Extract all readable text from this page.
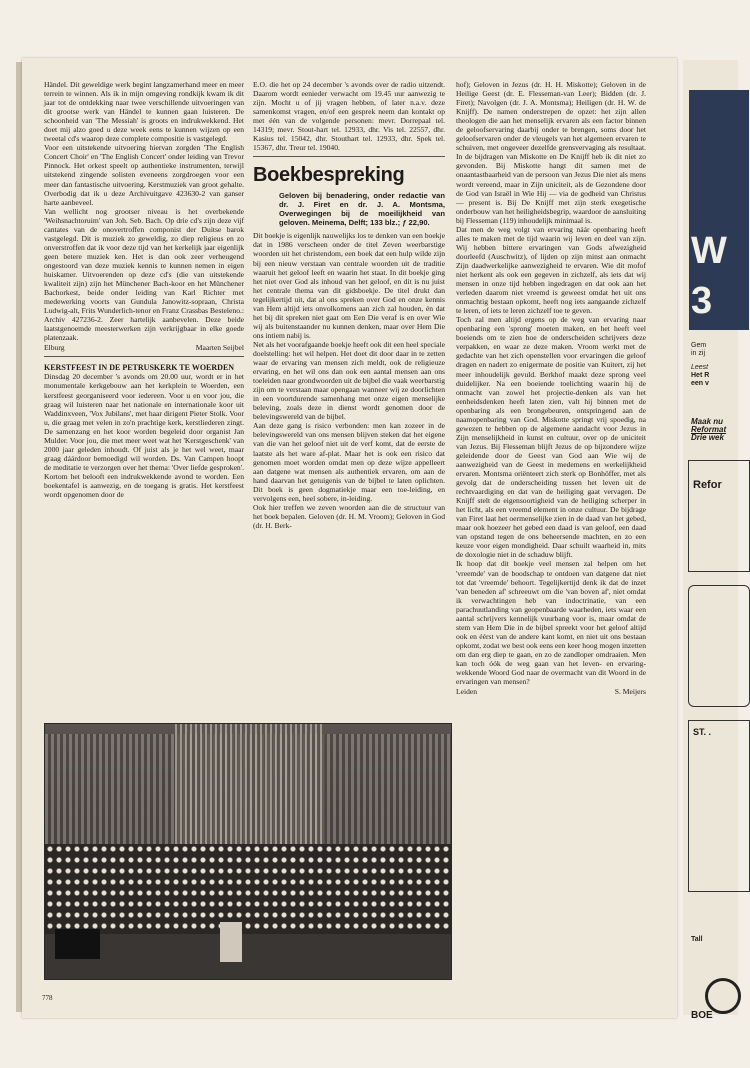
Händel. Dit geweldige werk begint langzamerhand meer en meer terrein te winnen. Als ik in mijn omgeving rondkijk kwam ik dit jaar tot de ontdekking naar twee verschillende uitvoeringen van dit grootse werk van Händel te kunnen gaan luisteren. De schoonheid van 'The Messiah' is groots en indrukwekkend. Het doet mij alzo goed u deze week eens te kunnen wijzen op een tweetal cd's waarop deze complete compositie is vastgelegd.

Voor een uitstekende uitvoering hiervan zorgden 'The English Concert Choir' en 'The English Concert' onder leiding van Trevor Pinnock. Het orkest speelt op authentieke instrumenten, terwijl uitstekend zingende solisten eveneens zorgdroegen voor een meer dan fantastische uitvoering. Kerstmuziek van groot gehalte. Overbodig dat ik u deze Archivuitgave 423630-2 van ganser harte aanbeveel.

Van wellicht nog grootser niveau is het overbekende 'Weihsnachtoruim' van Joh. Seb. Bach. Op drie cd's zijn deze vijf cantates van de onovertroffen componist der Duitse barok vastgelegd. Dit is muziek zo geweldig, zo diep religieus en zo onverstroffen dat ik voor deze tijd van het kerkelijk jaar eigenlijk geen betere muziek ken. Het is dan ook zeer verheugend ongestoord van deze muziek kennis te kunnen nemen in eigen huiskamer. Uitvoerenden op deze cd's (die van uitstekende kwaliteit zijn) zijn het Münchener Bach-koor en het Münchener Bachorkest, beide onder leiding van Karl Richter met medewerking voorts van Gundula Janowitz-sopraan, Christa Ludwig-alt, Frits Wunderlich-tenor en Franz Crassbas Besteleno.: Archiv 427236-2. Zeer hartelijk aanbevelen. Deze beide laatstgenoemde meesterwerken zijn verkrijgbaar in elke goede platenzaak.

Elburg	Maarten Seijbel
KERSTFEEST IN DE PETRUSKERK TE WOERDEN

Dinsdag 20 december 's avonds om 20.00 uur, wordt er in het monumentale kerkgebouw aan het kerkplein te Woerden, een kerstfeest georganiseerd voor iedereen. Voor u en voor jou, die graag wil luisteren naar het nationale en internationale koor uit Waddinxveen, 'Vox Jubilans', met haar dirigent Pieter Stolk. Voor u, die graag met velen in zo'n prachtige kerk, kerstliederen zingt. De samenzang en het koor worden begeleid door organist Jan Mulder. Voor jou, die met meer weet wat het 'Kerstgeschenk' van 2000 jaar geleden inhoudt. Of juist als je het wel weet, maar graag dáárdoor bemoedigd wil worden. Ds. Van Campen hoopt de meditatie te verzorgen over het thema: 'Over liefde gesproken'. Kortom het belooft een indrukwekkende avond te worden. Een boekentafel is aanwezig, en de toegang is gratis. Het kerstfeest wordt opgenomen door de

E.O. die het op 24 december 's avonds over de radio uitzendt. Daarom wordt eenieder verwacht om 19.45 uur aanwezig te zijn. Mocht u of jij vragen hebben, of later n.a.v. deze samenkomst vragen, en/of een gesprek neem dan kontakt op met één van de volgende personen: mevr. Dorrepaal tel. 14319; mevr. Stout-hart tel. 12933, dhr. Vis tel. 22557, dhr. Kasius tel. 15042, dhr. Stouthart tel. 12933, dhr. Spek tel. 15367, dhr. Treur tel. 19040.

Boekbespreking
Geloven bij benadering, onder redactie van dr. J. Firet en dr. J. A. Montsma, Overwegingen bij de moeilijkheid van geloven. Meinema, Delft; 133 blz.; ƒ 22,90.

Dit boekje is eigenlijk nauwelijks los te denken van een boekje dat in 1986 verscheen onder de titel Zeven weerbarstige woorden uit het christendom, een boek dat een hulp wilde zijn bij een nieuw verstaan van centrale woorden uit de traditie waaruit het geloof leeft en waarin het staat. In dit boekje ging het niet over God als inhoud van het geloof, en dit is nu juist het centrale thema van dit gidsboekje. De titel drukt dan tegelijkertijd uit, dat al ons spreken over God en onze kennis van Hem altijd iets onvolkomens aan zich zal houden, én dat het bij dit spreken niet gaat om Een Die veraf is en over Wie wij als buitenstaander nu kunnen denken, maar over Hem Die ons intiem nabij is.

Net als het voorafgaande boekje heeft ook dit een heel speciale doelstelling: het wil helpen. Het doet dit door daar in te zetten waar de ervaring van mensen zich meldt, ook de religieuze ervaring, en het wil ons dan ook een aantal mensen aan ons toeleiden naar grondwoorden uit de bijbel die vaak weerbarstig zijn om te verstaan maar opengaan wanneer wij ze doorlichten in een voortdurende samenhang met onze eigen menselijke beleving, zoals deze in dienst wordt genomen door de belevingswereld van de bijbel.

Aan deze gang is risico verbonden: men kan zozeer in de belevingswereld van ons mensen blijven steken dat het eigene van die van het geloof niet uit de verf komt, dat de eerste de laatste als het ware af-plat. Maar het is ook een risico dat genomen moet worden omdat men op deze wijze appelleert aan datgene wat mensen als authentiek ervaren, om aan de hand daarvan het getuigenis van de bijbel te laten oplichten. Dit boek is geen dogmatiekje maar een toe-leiding, en vervolgens een, heel sobere, in-leiding.

Ook hier treffen we zeven woorden aan die de structuur van het boek bepalen. Geloven (dr. H. M. Vroom); Geloven in God (dr. H. Berk-

hof); Geloven in Jezus (dr. H. H. Miskotte); Geloven in de Heilige Geest (dr. E. Flesseman-van Leer); Bidden (dr. J. Firet); Navolgen (dr. J. A. Montsma); Heiligen (dr. H. W. de Knijff). De namen onderstrepen de opzet: het zijn allen theologen die aan het menselijk ervaren als een factor binnen de geloofservaring daarbij onder te brengen, soms door het geloofservaren onder de vleugels van het algemeen ervaren te schuiven, met ongeveer dezelfde grensvervaging als resultaat. In de bijdragen van Miskotte en De Knijff heb ik dit niet zo gevonden. Bij Miskotte hangt dit samen met de onaantastbaarheid van de persoon van Jezus Die niet als mens wordt vereend, maar in Zijn uniciteit, als de Gezondene door de God van Israël in Wie Hij — via de godheid van Christus — present is. Bij De Knijff met zijn sterk exegetische onderbouw van het heiligheidsbegrip, waardoor de aansluiting bij Flesseman (119) inhoudelijk minimaal is.

Dat men de weg volgt van ervaring náár openbaring heeft alles te maken met de tijd waarin wij leven en deel van zijn. Wij hebben bittere ervaringen van Gods afwezigheid doorleefd (Auschwitz), of lijden op zijn minst aan onmacht Zijn daadwerkelijke aanwezigheid te ervaren. Wie dit mofof niet herkent als ook een gegeven in zichzelf, als iets dat wij mensen in onze tijd hebben ingedragen en dat ook aan het verleden daarom niet vreemd is geweest omdat het uit ons onmachtig bestaan opkomt, heeft nog iets aangaande zichzelf te leren, of iets te leren zichzelf toe te geven.

Toch zal men altijd ergens op de weg van ervaring naar openbaring een 'sprong' moeten maken, en het heeft veel boeiends om te zien hoe de onderscheiden schrijvers deze verpakken, en waar ze deze maken. Vroom werkt met de gedachte van het zich openstellen voor ervaringen die geloof dragen en nadert zo enigermate de positie van Kuitert, zij het meer inhoudelijk gevuld. Berkhof maakt deze sprong veel duidelijker. Na een boeiende toelichting waarin hij de onmacht van zowel het projectie-denken als van het eenheidsdenken heeft laten zien, valt hij binnen met de openbaring als een brongebeuren, ontspringend aan de naamopenbaring van God. Miskotte springt vrij spoedig, na gewezen te hebben op de algemene aandacht voor Jezus in Zijn menselijkheid in kunst en cultuur, over op de uniciteit van Jezus. Bij Flesseman blijft Jezus de op bijzondere wijze geleidende door de Geest van God aan Wie wij de aanwezigheid van de Geest in medemens en werkelijkheid ervaren. Montsma oriënteert zich sterk op Bonhöffer, met als gevolg dat de onderscheiding tussen het leven uit de rechtvaardiging en dat van de heiliging gaat vervagen. De Knijff stelt de eigensoortigheid van de heiliging scherper in het licht, als een vreemd element in onze cultuur. De bijdrage van Firet laat het oermenselijke zien in de daad van het gebed, maar ook hoezeer het gebed een daad is van geloof, een daad van opstand tegen de ons beheersende machten, en zo een keuze voor eigen mondigheid. Daar schuilt waarheid in, mits de doxologie niet in de schaduw blijft.

Ik hoop dat dit boekje veel mensen zal helpen om het 'vreemde' van de boodschap te ontdoen van datgene dat niet tot dat 'vreemde' behoort. Tegelijkertijd denk ik dat de inzet 'van beneden af' schreeuwt om die 'van boven af', niet omdat ik verwachtingen heb van indoctrinatie, van een parachuutlanding van geopenbaarde waarheden, iets waar een aantal schrijvers kennelijk vuurbang voor is, maar omdat de stem van Hem Die in de bijbel spreekt voor het geloof altijd ook en éérst van de andere kant komt, en niet uit ons bestaan opkomt, zodat we best ook eens een keer hoog mogen inzetten om dan erg diep te gaan, en zo de zandloper omdraaien. Men kan toch óók de weg gaan van het leven- en ervaring-wekkende Woord God naar de overmacht van dit Woord in de ervaringen van mensen?

Leiden	S. Meijers
778
W
3
Gem
in zij
Leest
Het R
een v
Maak nu
Reformat
Drie wek
Refor
ST. .
Tall
BOE
